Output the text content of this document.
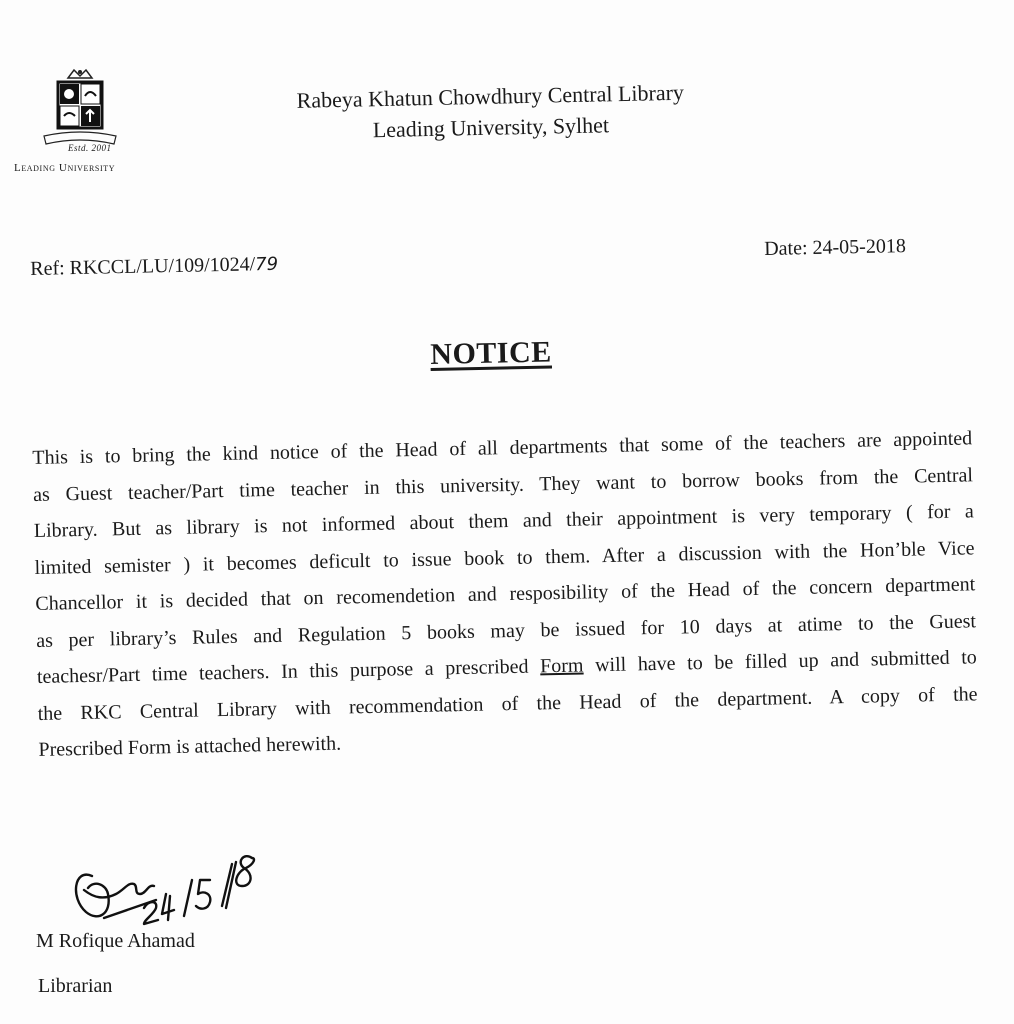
Estd. 2001
Leading University
Rabeya Khatun Chowdhury Central Library
Leading University, Sylhet
Ref: RKCCL/LU/109/1024/79
Date: 24-05-2018
NOTICE
This is to bring the kind notice of the Head of all departments that some of the teachers are appointed
as Guest teacher/Part time teacher in this university. They want to borrow books from the Central
Library. But as library is not informed about them and their appointment is very temporary ( for a
limited semister ) it becomes deficult to issue book to them. After a discussion with the Hon’ble Vice
Chancellor it is decided that on recomendetion and resposibility of the Head of the concern department
as per library’s Rules and Regulation 5 books may be issued for 10 days at atime to the Guest
teachesr/Part time teachers. In this purpose a prescribed Form will have to be filled up and submitted to
the RKC Central Library with recommendation of the Head of the department. A copy of the
Prescribed Form is attached herewith.
M Rofique Ahamad
Librarian
